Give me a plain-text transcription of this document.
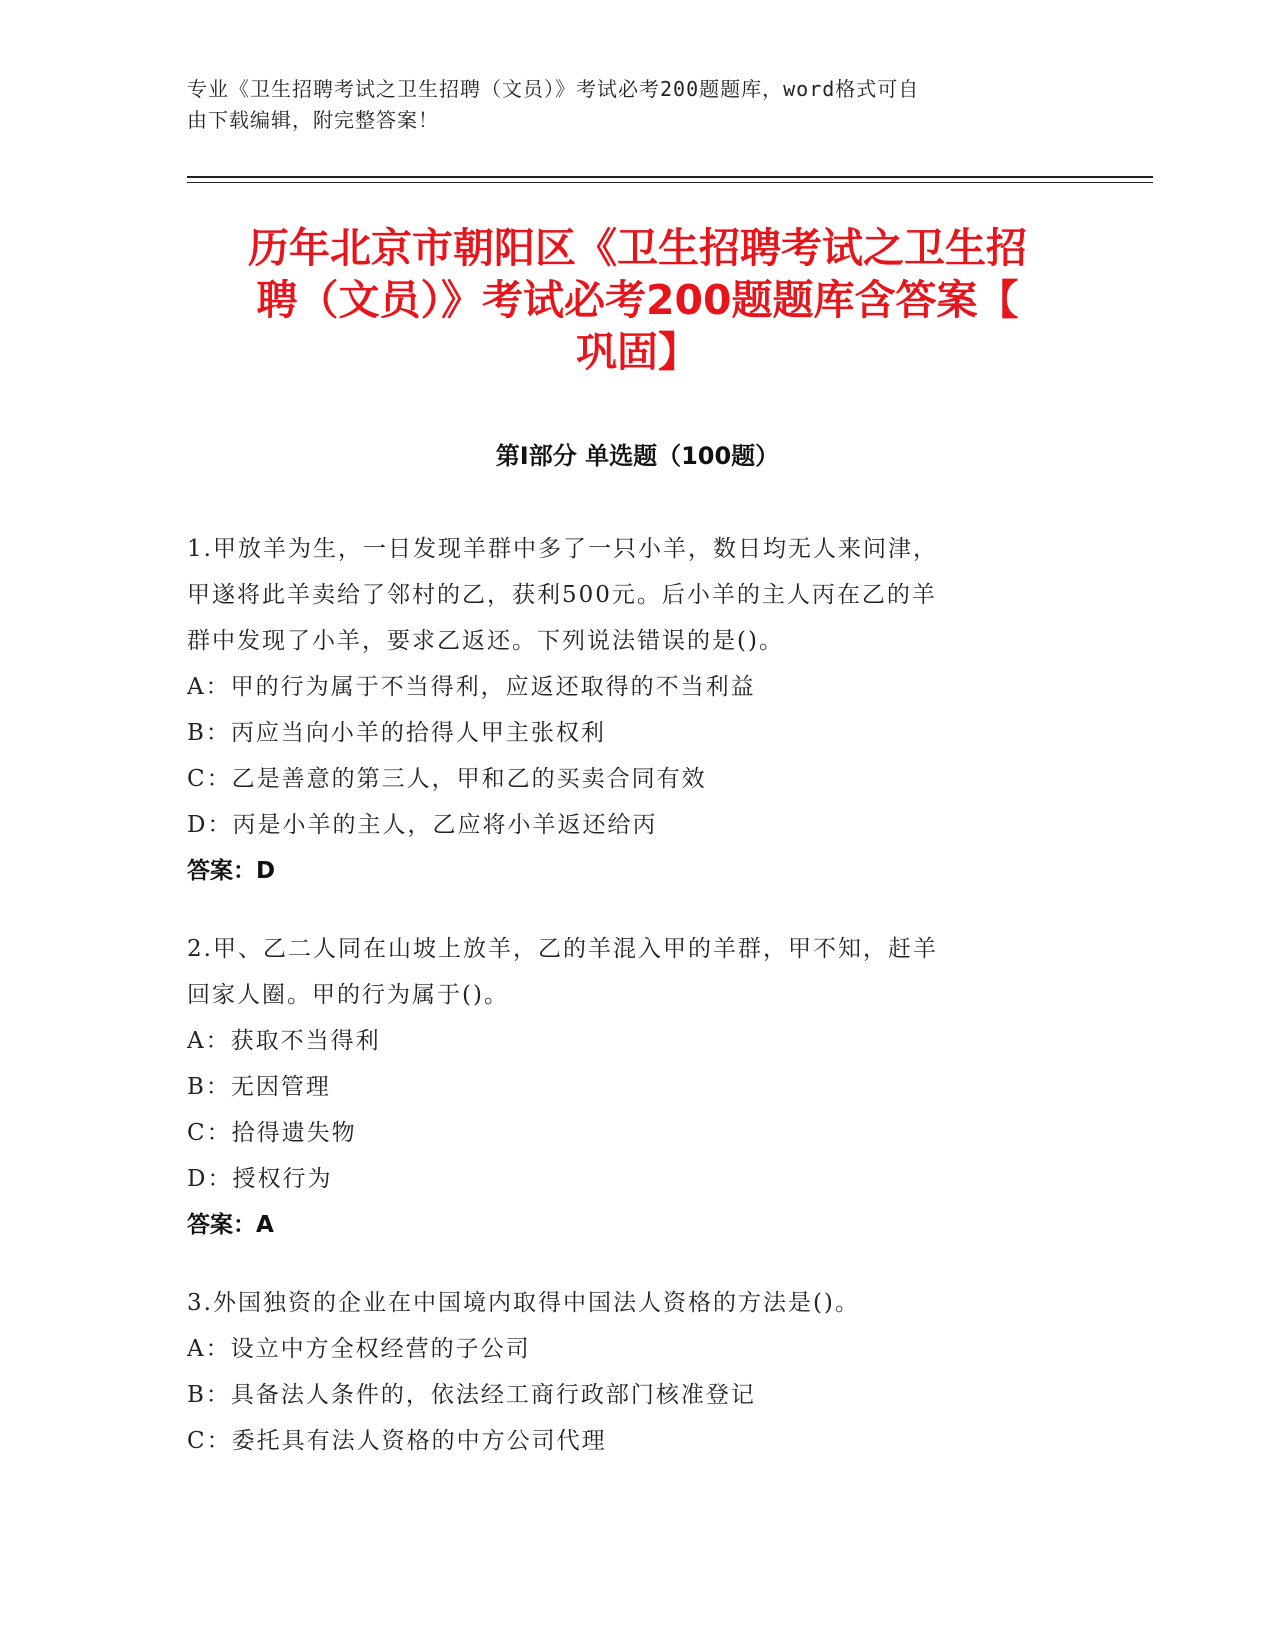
专业《卫生招聘考试之卫生招聘（文员）》考试必考200题题库，word格式可自
由下载编辑，附完整答案！
历年北京市朝阳区《卫生招聘考试之卫生招
聘（文员）》考试必考200题题库含答案【
巩固】
第I部分 单选题（100题）
1.甲放羊为生，一日发现羊群中多了一只小羊，数日均无人来问津，
甲遂将此羊卖给了邻村的乙，获利500元。后小羊的主人丙在乙的羊
群中发现了小羊，要求乙返还。下列说法错误的是()。
A：甲的行为属于不当得利，应返还取得的不当利益
B：丙应当向小羊的拾得人甲主张权利
C：乙是善意的第三人，甲和乙的买卖合同有效
D：丙是小羊的主人，乙应将小羊返还给丙
答案：D
2.甲、乙二人同在山坡上放羊，乙的羊混入甲的羊群，甲不知，赶羊
回家人圈。甲的行为属于()。
A：获取不当得利
B：无因管理
C：拾得遗失物
D：授权行为
答案：A
3.外国独资的企业在中国境内取得中国法人资格的方法是()。
A：设立中方全权经营的子公司
B：具备法人条件的，依法经工商行政部门核准登记
C：委托具有法人资格的中方公司代理
